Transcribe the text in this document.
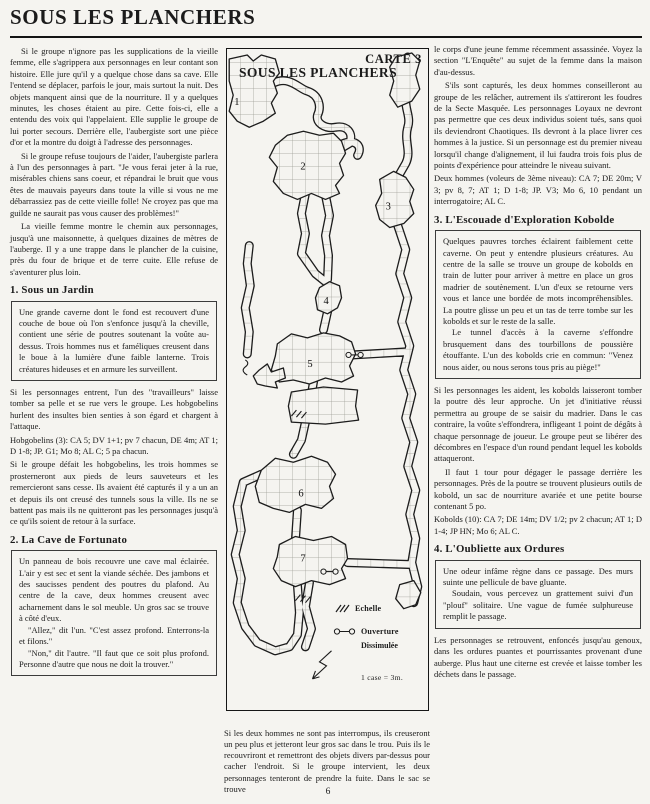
SOUS LES PLANCHERS

Si le groupe n'ignore pas les supplications de la vieille femme, elle s'agrippera aux personnages en leur contant son histoire. Elle jure qu'il y a quelque chose dans sa cave. Elle l'entend se déplacer, parfois le jour, mais surtout la nuit. Des objets manquent ainsi que de la nourriture. Il y a quelques minutes, les choses étaient au pire. Cette fois-ci, elle a entendu des voix qui l'appelaient. Elle supplie le groupe de lui porter secours. Derrière elle, l'aubergiste sort une pièce d'or et la montre du doigt à l'adresse des personnages.

Si le groupe refuse toujours de l'aider, l'aubergiste parlera à l'un des personnages à part. "Je vous ferai jeter à la rue, misérables chiens sans coeur, et répandrai le bruit que vous êtes de mauvais payeurs dans toute la ville si vous ne me débarrassiez pas de cette vieille folle! Ne croyez pas que ma guilde ne saurait pas vous causer des problèmes!"

La vieille femme montre le chemin aux personnages, jusqu'à une maisonnette, à quelques dizaines de mètres de l'auberge. Il y a une trappe dans le plancher de la cuisine, près du four de brique et de terre cuite. Elle refuse de s'aventurer plus loin.

1. Sous un Jardin

Une grande caverne dont le fond est recouvert d'une couche de boue où l'on s'enfonce jusqu'à la cheville, contient une série de poutres soutenant la voûte au-dessus. Trois hommes nus et faméliques creusent dans le boue à la lumière d'une faible lanterne. Trois créatures hideuses et en armure les surveillent.

Si les personnages entrent, l'un des "travailleurs" laisse tomber sa pelle et se rue vers le groupe. Les hobgobelins hurlent des insultes bien senties à son égard et chargent à l'attaque.

Hobgobelins (3): CA 5; DV 1+1; pv 7 chacun, DE 4m; AT 1; D 1-8; JP. G1; Mo 8; AL C; 5 pa chacun.

Si le groupe défait les hobgobelins, les trois hommes se prosterneront aux pieds de leurs sauveteurs et les remercieront sans cesse. Ils avaient été capturés il y a un an et depuis ils ont creusé des tunnels sous la ville. Ils ne se battent pas mais ils ne quitteront pas les personnages jusqu'à ce qu'ils soient de retour à la surface.

2. La Cave de Fortunato

Un panneau de bois recouvre une cave mal éclairée. L'air y est sec et sent la viande séchée. Des jambons et des saucisses pendent des poutres du plafond. Au centre de la cave, deux hommes creusent avec acharnement dans le sol meuble. Un gros sac se trouve à côté d'eux.

"Allez," dit l'un. "C'est assez profond. Enterrons-la et filons."

"Non," dit l'autre. "Il faut que ce soit plus profond. Personne d'autre que nous ne doit la trouver."

CARTE 3
SOUS LES PLANCHERS
1
2
3
4
5
6
7
Echelle
Ouverture
Dissimulée
1 case = 3m.

Si les deux hommes ne sont pas interrompus, ils creuseront un peu plus et jetteront leur gros sac dans le trou. Puis ils le recouvriront et remettront des objets divers par-dessus pour cacher l'endroit. Si le groupe intervient, les deux personnages tenteront de prendre la fuite. Dans le sac se trouve

le corps d'une jeune femme récemment assassinée. Voyez la section "L'Enquête" au sujet de la femme dans la maison d'au-dessus.

S'ils sont capturés, les deux hommes conseilleront au groupe de les relâcher, autrement ils s'attireront les foudres de la Secte Masquée. Les personnages Loyaux ne devront pas permettre que ces deux individus soient tués, sans quoi ils deviendront Chaotiques. Ils devront à la place livrer ces hommes à la justice. Si un personnage est du premier niveau lorsqu'il change d'alignement, il lui faudra trois fois plus de points d'expérience pour atteindre le niveau suivant.

Deux hommes (voleurs de 3ème niveau): CA 7; DE 20m; V 3; pv 8, 7; AT 1; D 1-8; JP. V3; Mo 6, 10 pendant un interrogatoire; AL C.

3. L'Escouade d'Exploration Kobolde

Quelques pauvres torches éclairent faiblement cette caverne. On peut y entendre plusieurs créatures. Au centre de la salle se trouve un groupe de kobolds en train de lutter pour arriver à mettre en place un gros madrier de soutènement. L'un d'eux se retourne vers vous et lance une bordée de mots incompréhensibles. La poutre glisse un peu et un tas de terre tombe sur les kobolds et sur le reste de la salle.

Le tunnel d'accès à la caverne s'effondre brusquement dans des tourbillons de poussière étouffante. L'un des kobolds crie en commun: "Venez nous aider, ou nous serons tous pris au piège!"

Si les personnages les aident, les kobolds laisseront tomber la poutre dès leur approche. Un jet d'initiative réussi permettra au groupe de se saisir du madrier. Dans le cas contraire, la voûte s'effondrera, infligeant 1 point de dégâts à chaque personnage de joueur. Le groupe peut se libérer des décombres en l'espace d'un round pendant lequel les kobolds attaqueront.

Il faut 1 tour pour dégager le passage derrière les personnages. Près de la poutre se trouvent plusieurs outils de kobold, un sac de nourriture avariée et une petite bourse contenant 5 po.

Kobolds (10): CA 7; DE 14m; DV 1/2; pv 2 chacun; AT 1; D 1-4; JP HN; Mo 6; AL C.

4. L'Oubliette aux Ordures

Une odeur infâme règne dans ce passage. Des murs suinte une pellicule de bave gluante.

Soudain, vous percevez un grattement suivi d'un "plouf" solitaire. Une vague de fumée sulphureuse remplit le passage.

Les personnages se retrouvent, enfoncés jusqu'au genoux, dans les ordures puantes et pourrissantes provenant d'une auberge. Plus haut une citerne est crevée et laisse tomber les déchets dans le passage.

6
